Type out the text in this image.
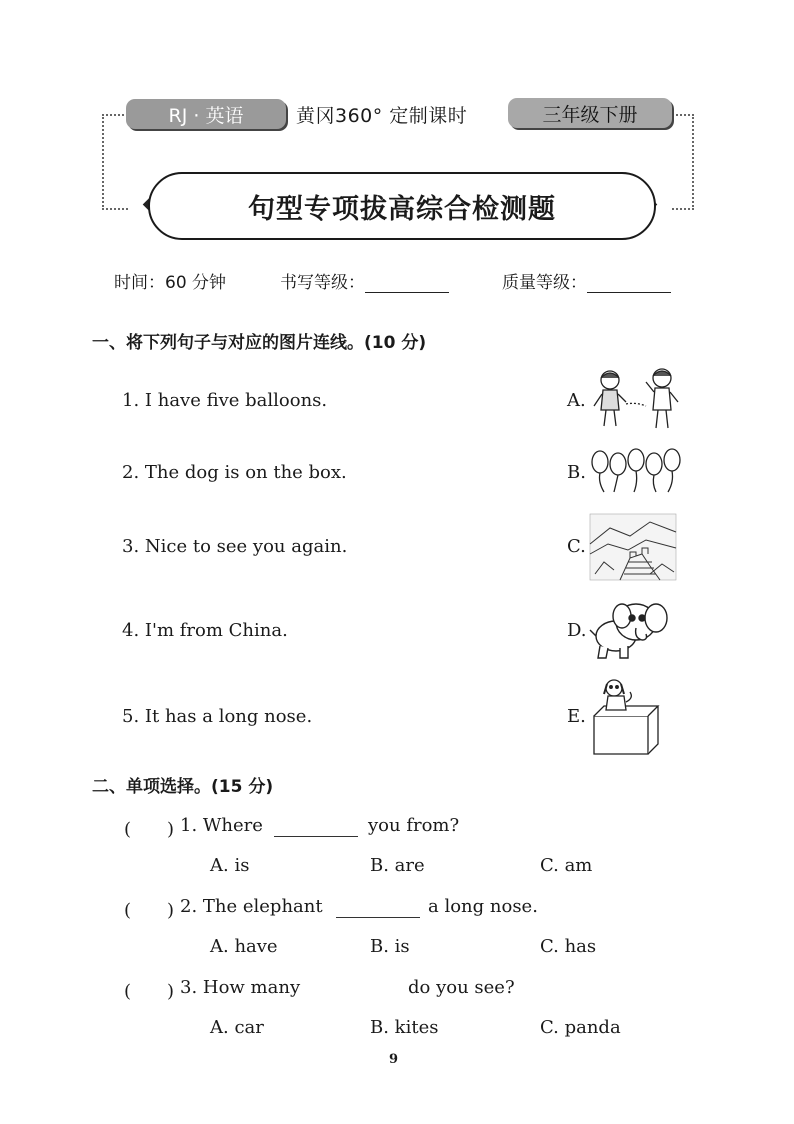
RJ · 英语	黄冈360° 定制课时	三年级下册
句型专项拔高综合检测题
时间：60 分钟	书写等级：	质量等级：
一、将下列句子与对应的图片连线。(10 分)
1. I have five balloons.
2. The dog is on the box.
3. Nice to see you again.
4. I'm from China.
5. It has a long nose.
A.
B.
C.
D.
E.
二、单项选择。(15 分)
(　　) 1. Where	you from?
A. is	B. are	C. am
(　　) 2. The elephant	a long nose.
A. have	B. is	C. has
(　　) 3. How many	do you see?
A. car	B. kites	C. panda
9
